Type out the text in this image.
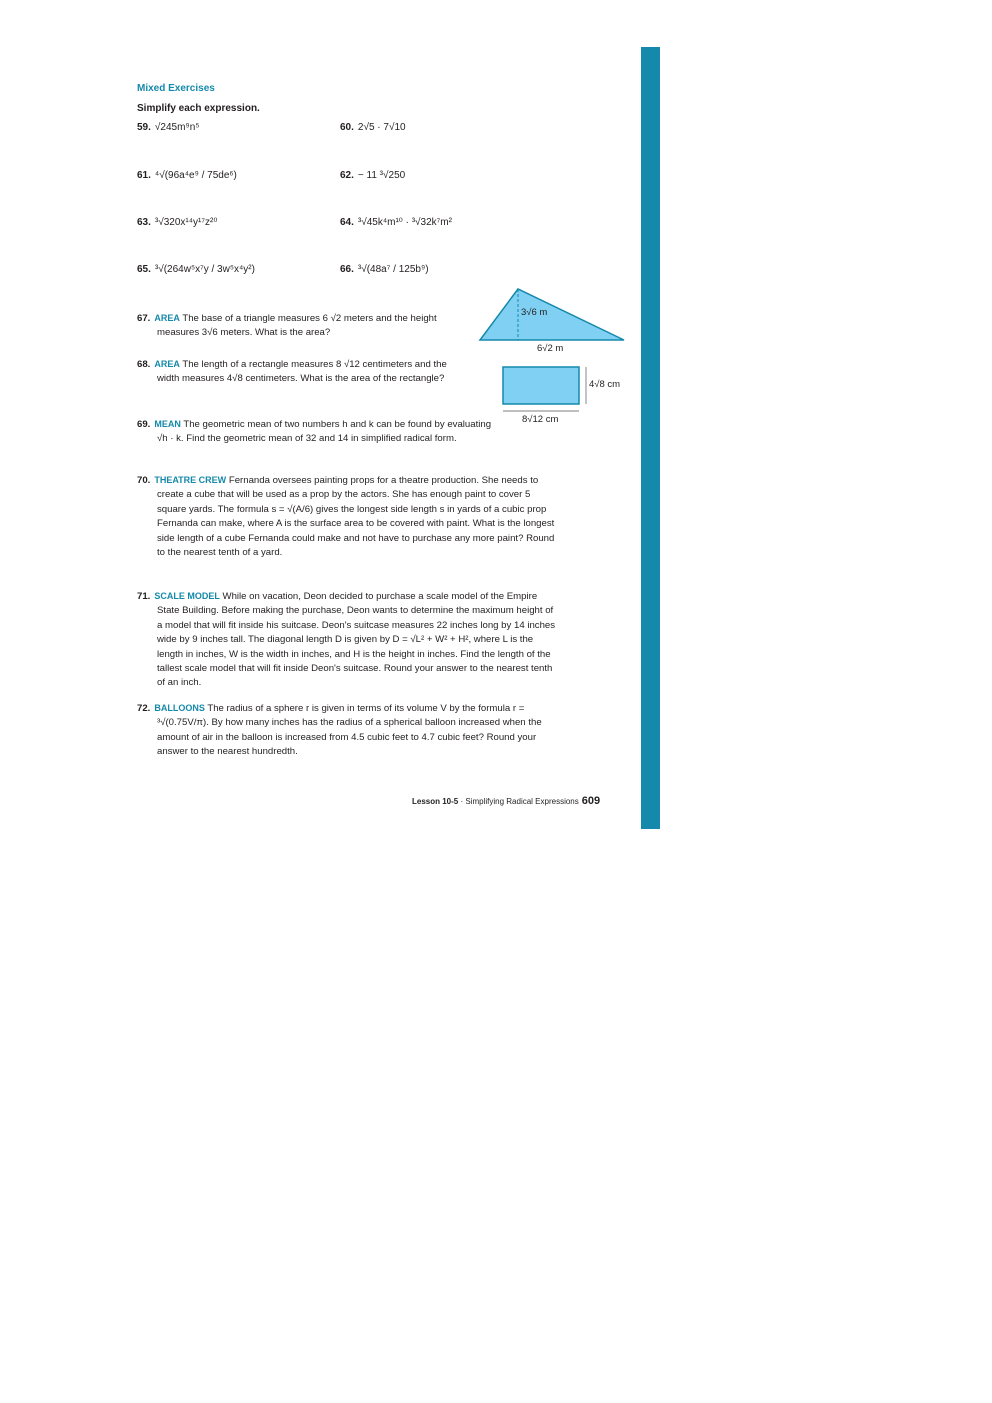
Mixed Exercises
Simplify each expression.
59. √245m⁹n⁵	60. 2√5 · 7√10
61. ⁴√(96a⁴e⁹ / 75de⁶)	62. − 11 ³√250
63. ³√320x¹⁴y¹⁷z²⁰	64. ³√45k⁴m¹⁰ · ³√32k⁷m²
65. ³√(264w⁵x⁷y / 3w⁵x⁴y²)	66. ³√(48a⁷ / 125b⁹)
67. AREA The base of a triangle measures 6 √2 meters and the height measures 3√6 meters. What is the area?
68. AREA The length of a rectangle measures 8 √12 centimeters and the width measures 4√8 centimeters. What is the area of the rectangle?
69. MEAN The geometric mean of two numbers h and k can be found by evaluating √h · k. Find the geometric mean of 32 and 14 in simplified radical form.
70. THEATRE CREW Fernanda oversees painting props for a theatre production. She needs to create a cube that will be used as a prop by the actors. She has enough paint to cover 5 square yards. The formula s = √(A/6) gives the longest side length s in yards of a cubic prop Fernanda can make, where A is the surface area to be covered with paint. What is the longest side length of a cube Fernanda could make and not have to purchase any more paint? Round to the nearest tenth of a yard.
71. SCALE MODEL While on vacation, Deon decided to purchase a scale model of the Empire State Building. Before making the purchase, Deon wants to determine the maximum height of a model that will fit inside his suitcase. Deon's suitcase measures 22 inches long by 14 inches wide by 9 inches tall. The diagonal length D is given by D = √L² + W² + H², where L is the length in inches, W is the width in inches, and H is the height in inches. Find the length of the tallest scale model that will fit inside Deon's suitcase. Round your answer to the nearest tenth of an inch.
72. BALLOONS The radius of a sphere r is given in terms of its volume V by the formula r = ³√(0.75V/π). By how many inches has the radius of a spherical balloon increased when the amount of air in the balloon is increased from 4.5 cubic feet to 4.7 cubic feet? Round your answer to the nearest hundredth.
3√6 m
6√2 m
4√8 cm
8√12 cm
Lesson 10-5 · Simplifying Radical Expressions 609
